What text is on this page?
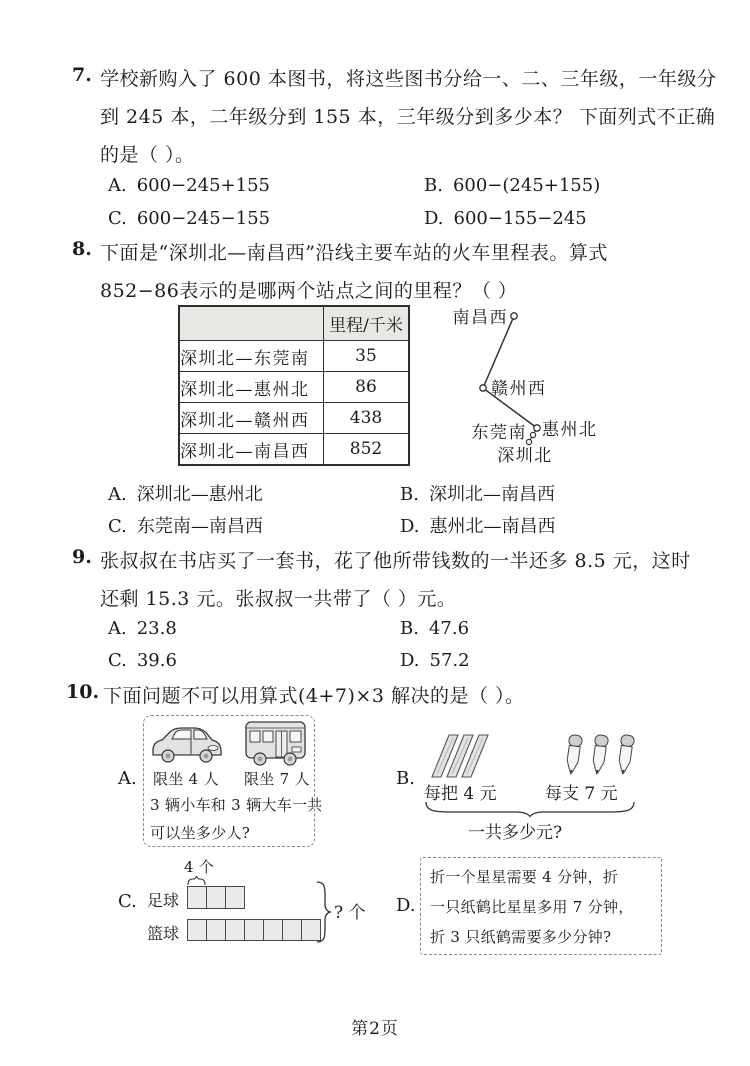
7. 学校新购入了 600 本图书，将这些图书分给一、二、三年级，一年级分
到 245 本，二年级分到 155 本，三年级分到多少本？ 下面列式不正确
的是（ ）。
A. 600−245+155	B. 600−(245+155)
C. 600−245−155	D. 600−155−245
8. 下面是“深圳北—南昌西”沿线主要车站的火车里程表。算式
852−86表示的是哪两个站点之间的里程？（ ）
	里程/千米
深圳北—东莞南	35
深圳北—惠州北	86
深圳北—赣州西	438
深圳北—南昌西	852
南昌西
赣州西
东莞南 惠州北
深圳北
A. 深圳北—惠州北	B. 深圳北—南昌西
C. 东莞南—南昌西	D. 惠州北—南昌西
9. 张叔叔在书店买了一套书，花了他所带钱数的一半还多 8.5 元，这时
还剩 15.3 元。张叔叔一共带了（ ）元。
A. 23.8	B. 47.6
C. 39.6	D. 57.2
10. 下面问题不可以用算式(4+7)×3 解决的是（ ）。
A. 限坐 4 人 限坐 7 人
3 辆小车和 3 辆大车一共
可以坐多少人?
B.
每把 4 元	每支 7 元
一共多少元?
C.
4 个
足球
篮球
? 个 D.
折一个星星需要 4 分钟，折
一只纸鹤比星星多用 7 分钟，
折 3 只纸鹤需要多少分钟?
第2页
